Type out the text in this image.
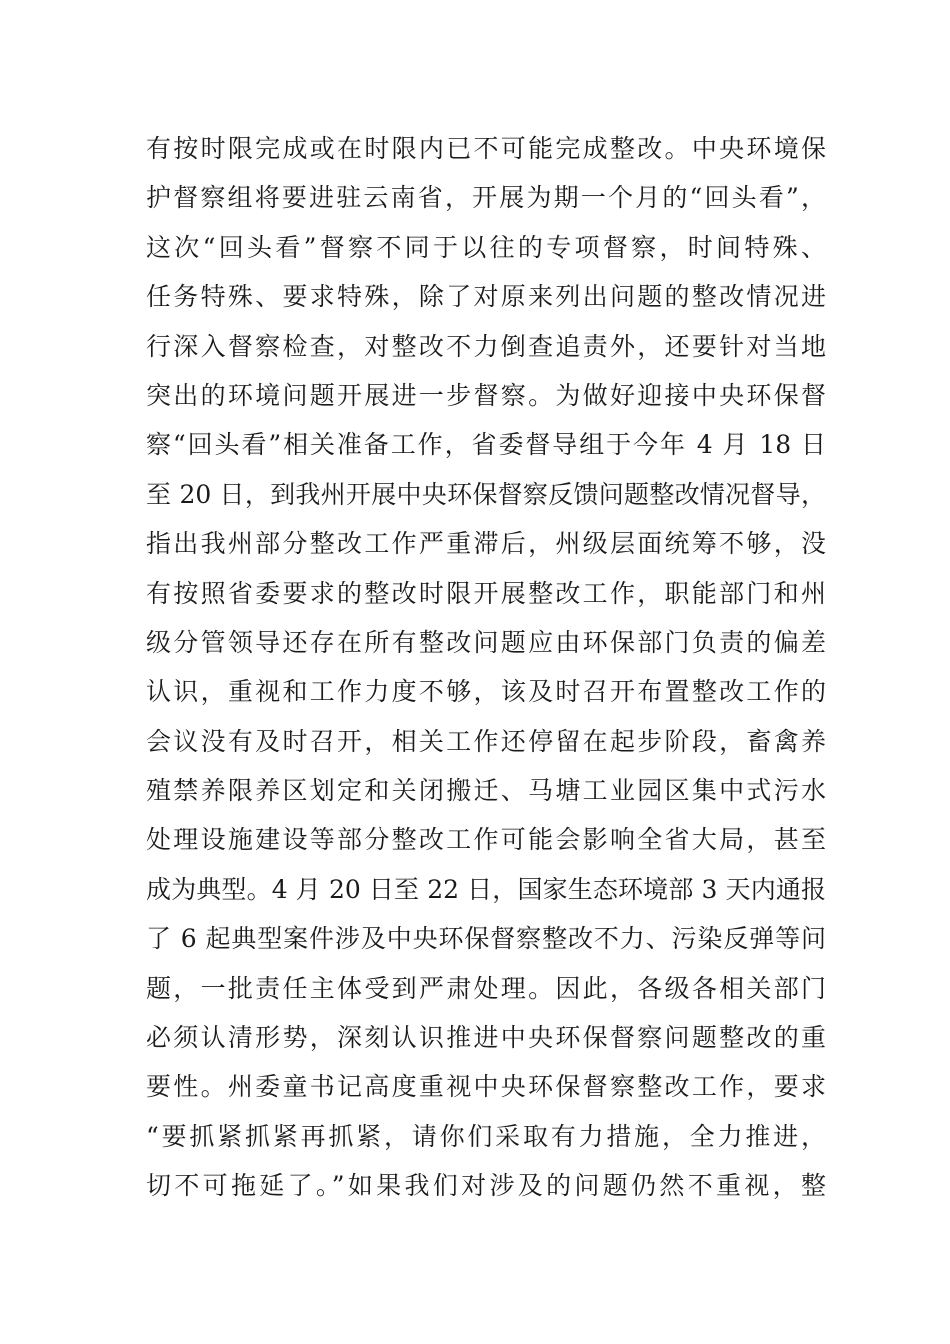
有按时限完成或在时限内已不可能完成整改。中央环境保
护督察组将要进驻云南省，开展为期一个月的“回头看”，
这次“回头看”督察不同于以往的专项督察，时间特殊、
任务特殊、要求特殊，除了对原来列出问题的整改情况进
行深入督察检查，对整改不力倒查追责外，还要针对当地
突出的环境问题开展进一步督察。为做好迎接中央环保督
察“回头看”相关准备工作，省委督导组于今年 4 月 18 日
至 20 日，到我州开展中央环保督察反馈问题整改情况督导，
指出我州部分整改工作严重滞后，州级层面统筹不够，没
有按照省委要求的整改时限开展整改工作，职能部门和州
级分管领导还存在所有整改问题应由环保部门负责的偏差
认识，重视和工作力度不够，该及时召开布置整改工作的
会议没有及时召开，相关工作还停留在起步阶段，畜禽养
殖禁养限养区划定和关闭搬迁、马塘工业园区集中式污水
处理设施建设等部分整改工作可能会影响全省大局，甚至
成为典型。4 月 20 日至 22 日，国家生态环境部 3 天内通报
了 6 起典型案件涉及中央环保督察整改不力、污染反弹等问
题，一批责任主体受到严肃处理。因此，各级各相关部门
必须认清形势，深刻认识推进中央环保督察问题整改的重
要性。州委童书记高度重视中央环保督察整改工作，要求
“要抓紧抓紧再抓紧，请你们采取有力措施，全力推进，
切不可拖延了。”如果我们对涉及的问题仍然不重视，整
